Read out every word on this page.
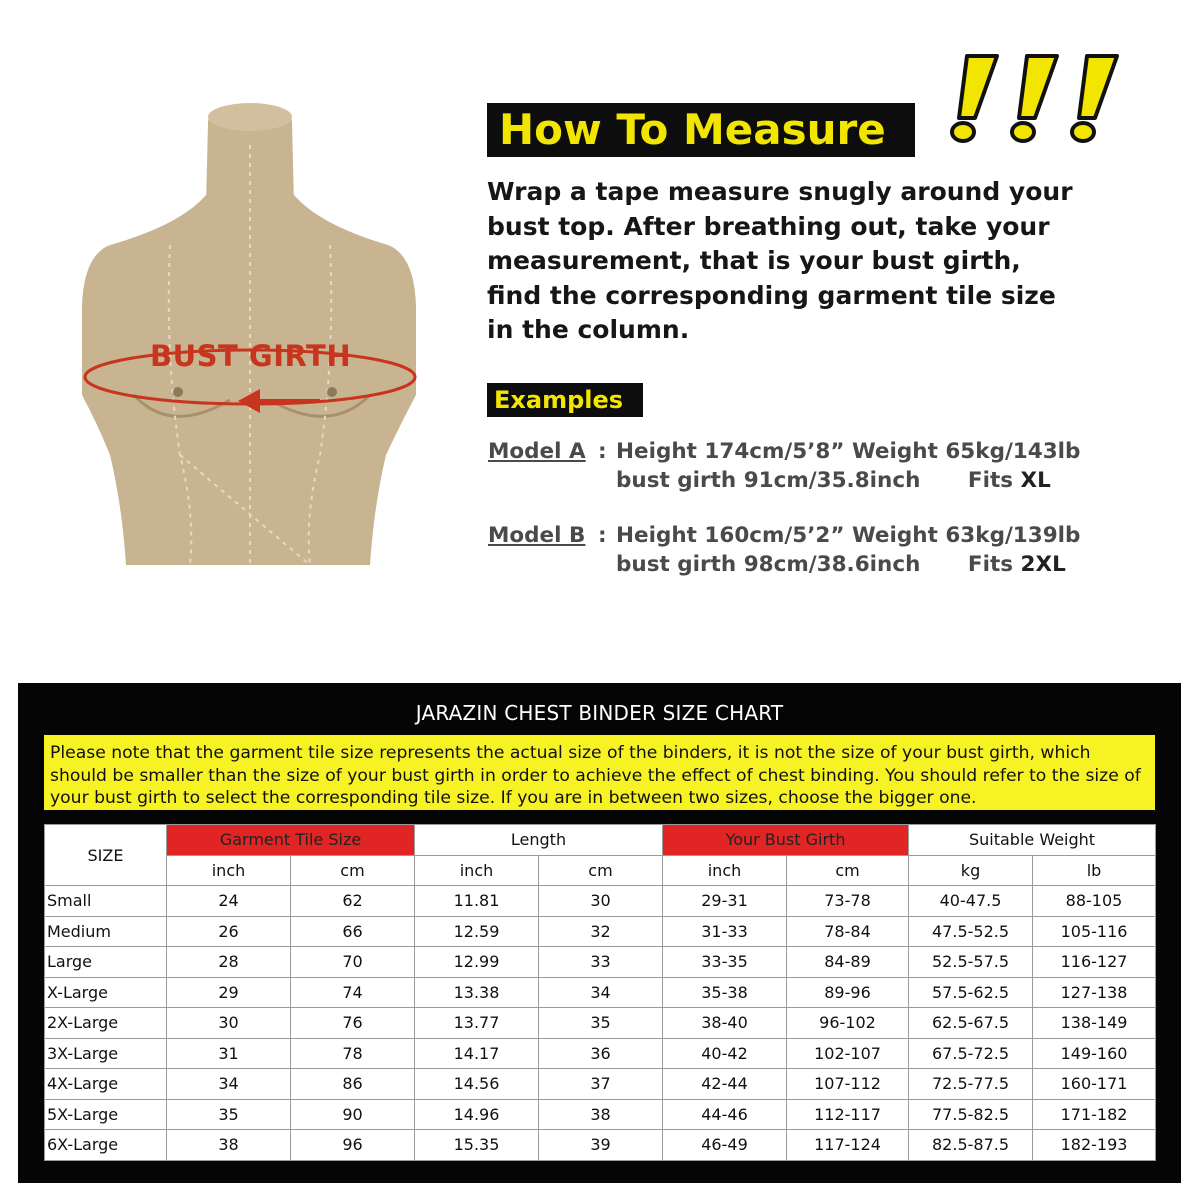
BUST GIRTH
How To Measure
Wrap a tape measure snugly around your
bust top. After breathing out, take your
measurement, that is your bust girth,
find the corresponding garment tile size
in the column.
Examples
Model A : Height 174cm/5’8” Weight 65kg/143lb
bust girth 91cm/35.8inch Fits XL
Model B : Height 160cm/5’2” Weight 63kg/139lb
bust girth 98cm/38.6inch Fits 2XL
JARAZIN CHEST BINDER SIZE CHART
Please note that the garment tile size represents the actual size of the binders, it is not the size of your bust girth, which should be smaller than the size of your bust girth in order to achieve the effect of chest binding. You should refer to the size of your bust girth to select the corresponding tile size. If you are in between two sizes, choose the bigger one.
SIZE	Garment Tile Size		Length		Your Bust Girth		Suitable Weight	
	inch	cm	inch	cm	inch	cm	kg	lb
Small	24	62	11.81	30	29-31	73-78	40-47.5	88-105
Medium	26	66	12.59	32	31-33	78-84	47.5-52.5	105-116
Large	28	70	12.99	33	33-35	84-89	52.5-57.5	116-127
X-Large	29	74	13.38	34	35-38	89-96	57.5-62.5	127-138
2X-Large	30	76	13.77	35	38-40	96-102	62.5-67.5	138-149
3X-Large	31	78	14.17	36	40-42	102-107	67.5-72.5	149-160
4X-Large	34	86	14.56	37	42-44	107-112	72.5-77.5	160-171
5X-Large	35	90	14.96	38	44-46	112-117	77.5-82.5	171-182
6X-Large	38	96	15.35	39	46-49	117-124	82.5-87.5	182-193
